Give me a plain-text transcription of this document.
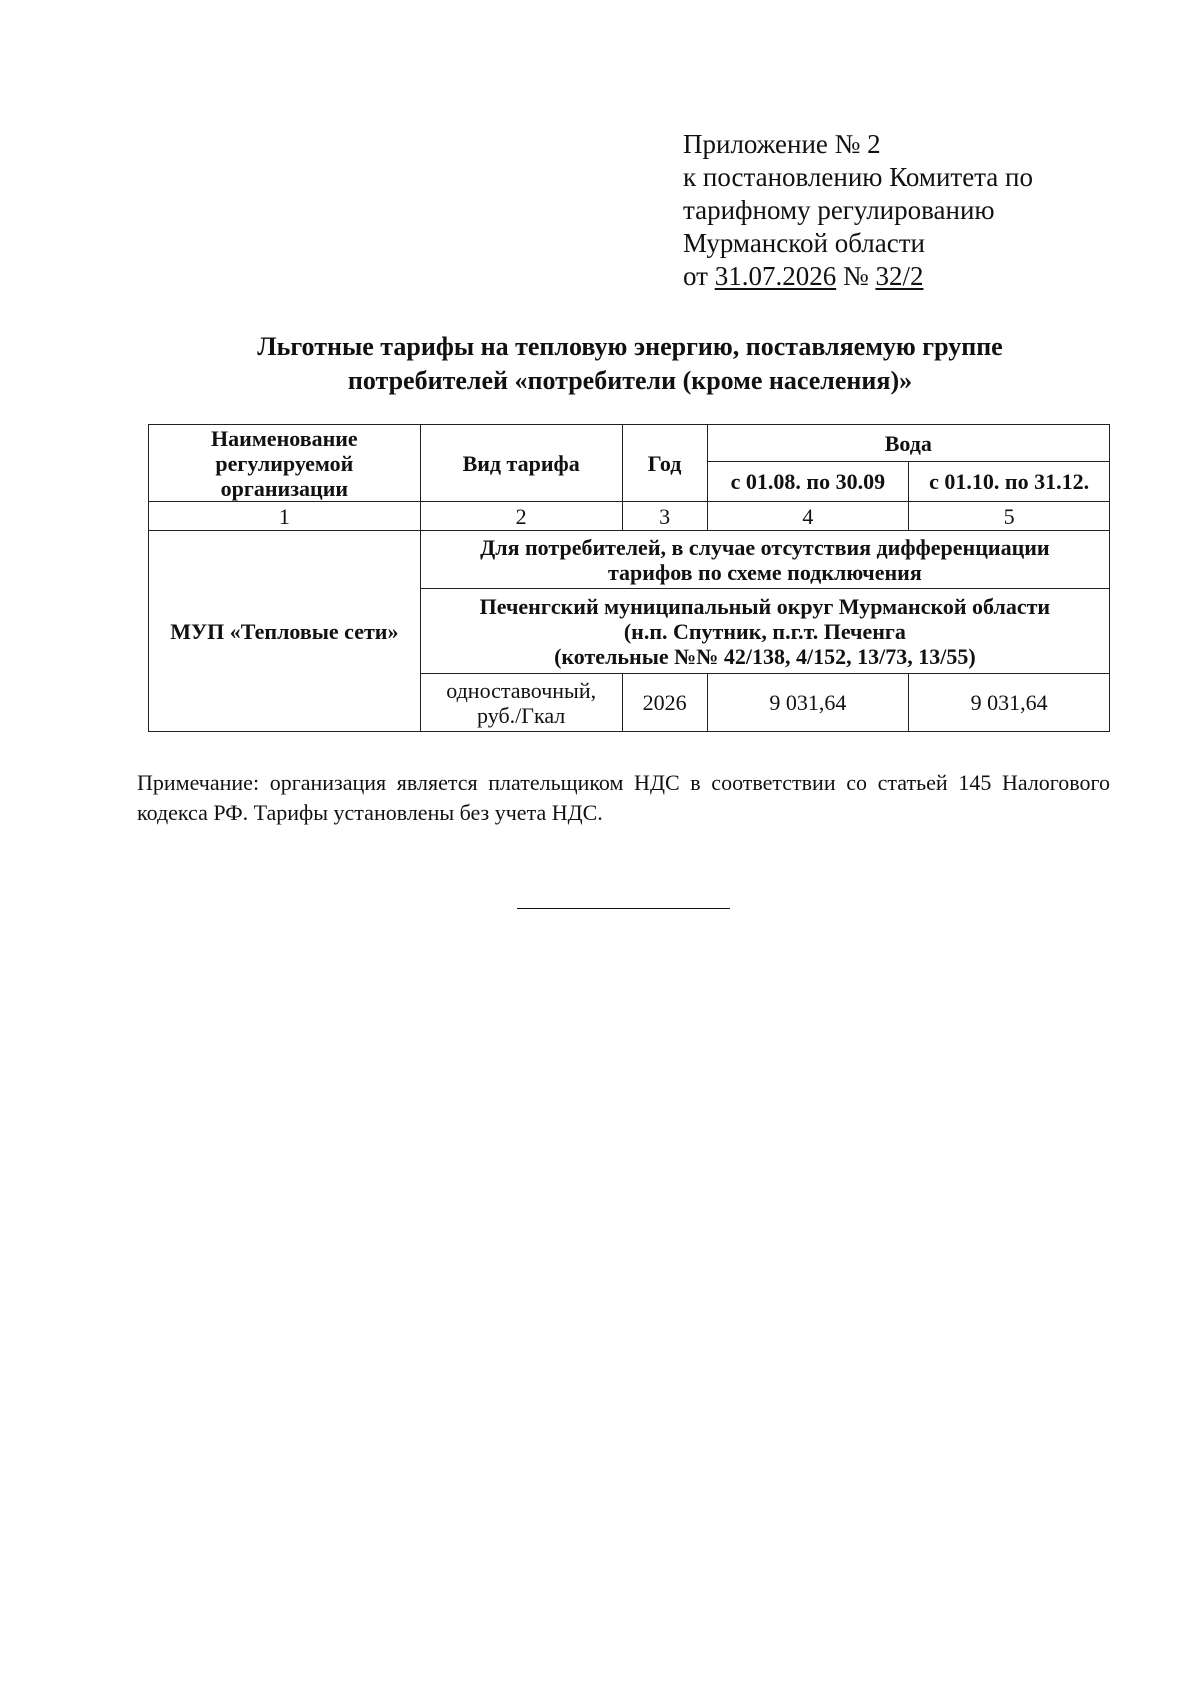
Приложение № 2
к постановлению Комитета по
тарифному регулированию
Мурманской области
от 31.07.2026 № 32/2
Льготные тарифы на тепловую энергию, поставляемую группе
потребителей «потребители (кроме населения)»
Наименование регулируемой организации	Вид тарифа	Год	Вода	
			с 01.08. по 30.09	с 01.10. по 31.12.
1	2	3	4	5
МУП «Тепловые сети»	Для потребителей, в случае отсутствия дифференциации тарифов по схеме подключения			

	Печенгский муниципальный округ Мурманской области
(н.п. Спутник, п.г.т. Печенга
(котельные №№ 42/138, 4/152, 13/73, 13/55)			

	одноставочный, руб./Гкал	2026	9 031,64	9 031,64
Примечание: организация является плательщиком НДС в соответствии со статьей 145 Налогового кодекса РФ. Тарифы установлены без учета НДС.
